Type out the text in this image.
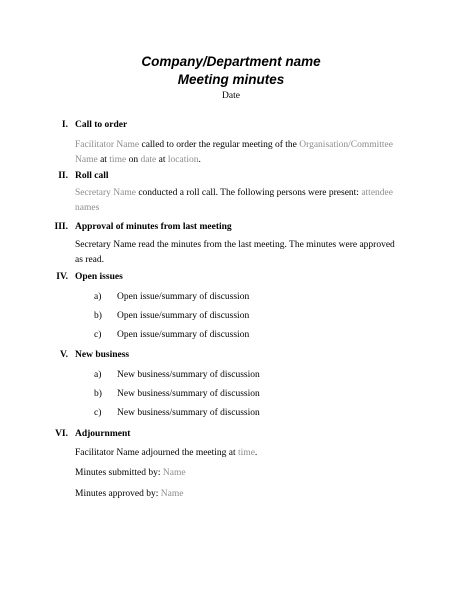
Company/Department name
Meeting minutes
Date
I. Call to order
Facilitator Name called to order the regular meeting of the Organisation/Committee Name at time on date at location.
II. Roll call
Secretary Name conducted a roll call. The following persons were present: attendee names
III. Approval of minutes from last meeting
Secretary Name read the minutes from the last meeting. The minutes were approved as read.
IV. Open issues
a) Open issue/summary of discussion
b) Open issue/summary of discussion
c) Open issue/summary of discussion
V. New business
a) New business/summary of discussion
b) New business/summary of discussion
c) New business/summary of discussion
VI. Adjournment
Facilitator Name adjourned the meeting at time.
Minutes submitted by: Name
Minutes approved by: Name
